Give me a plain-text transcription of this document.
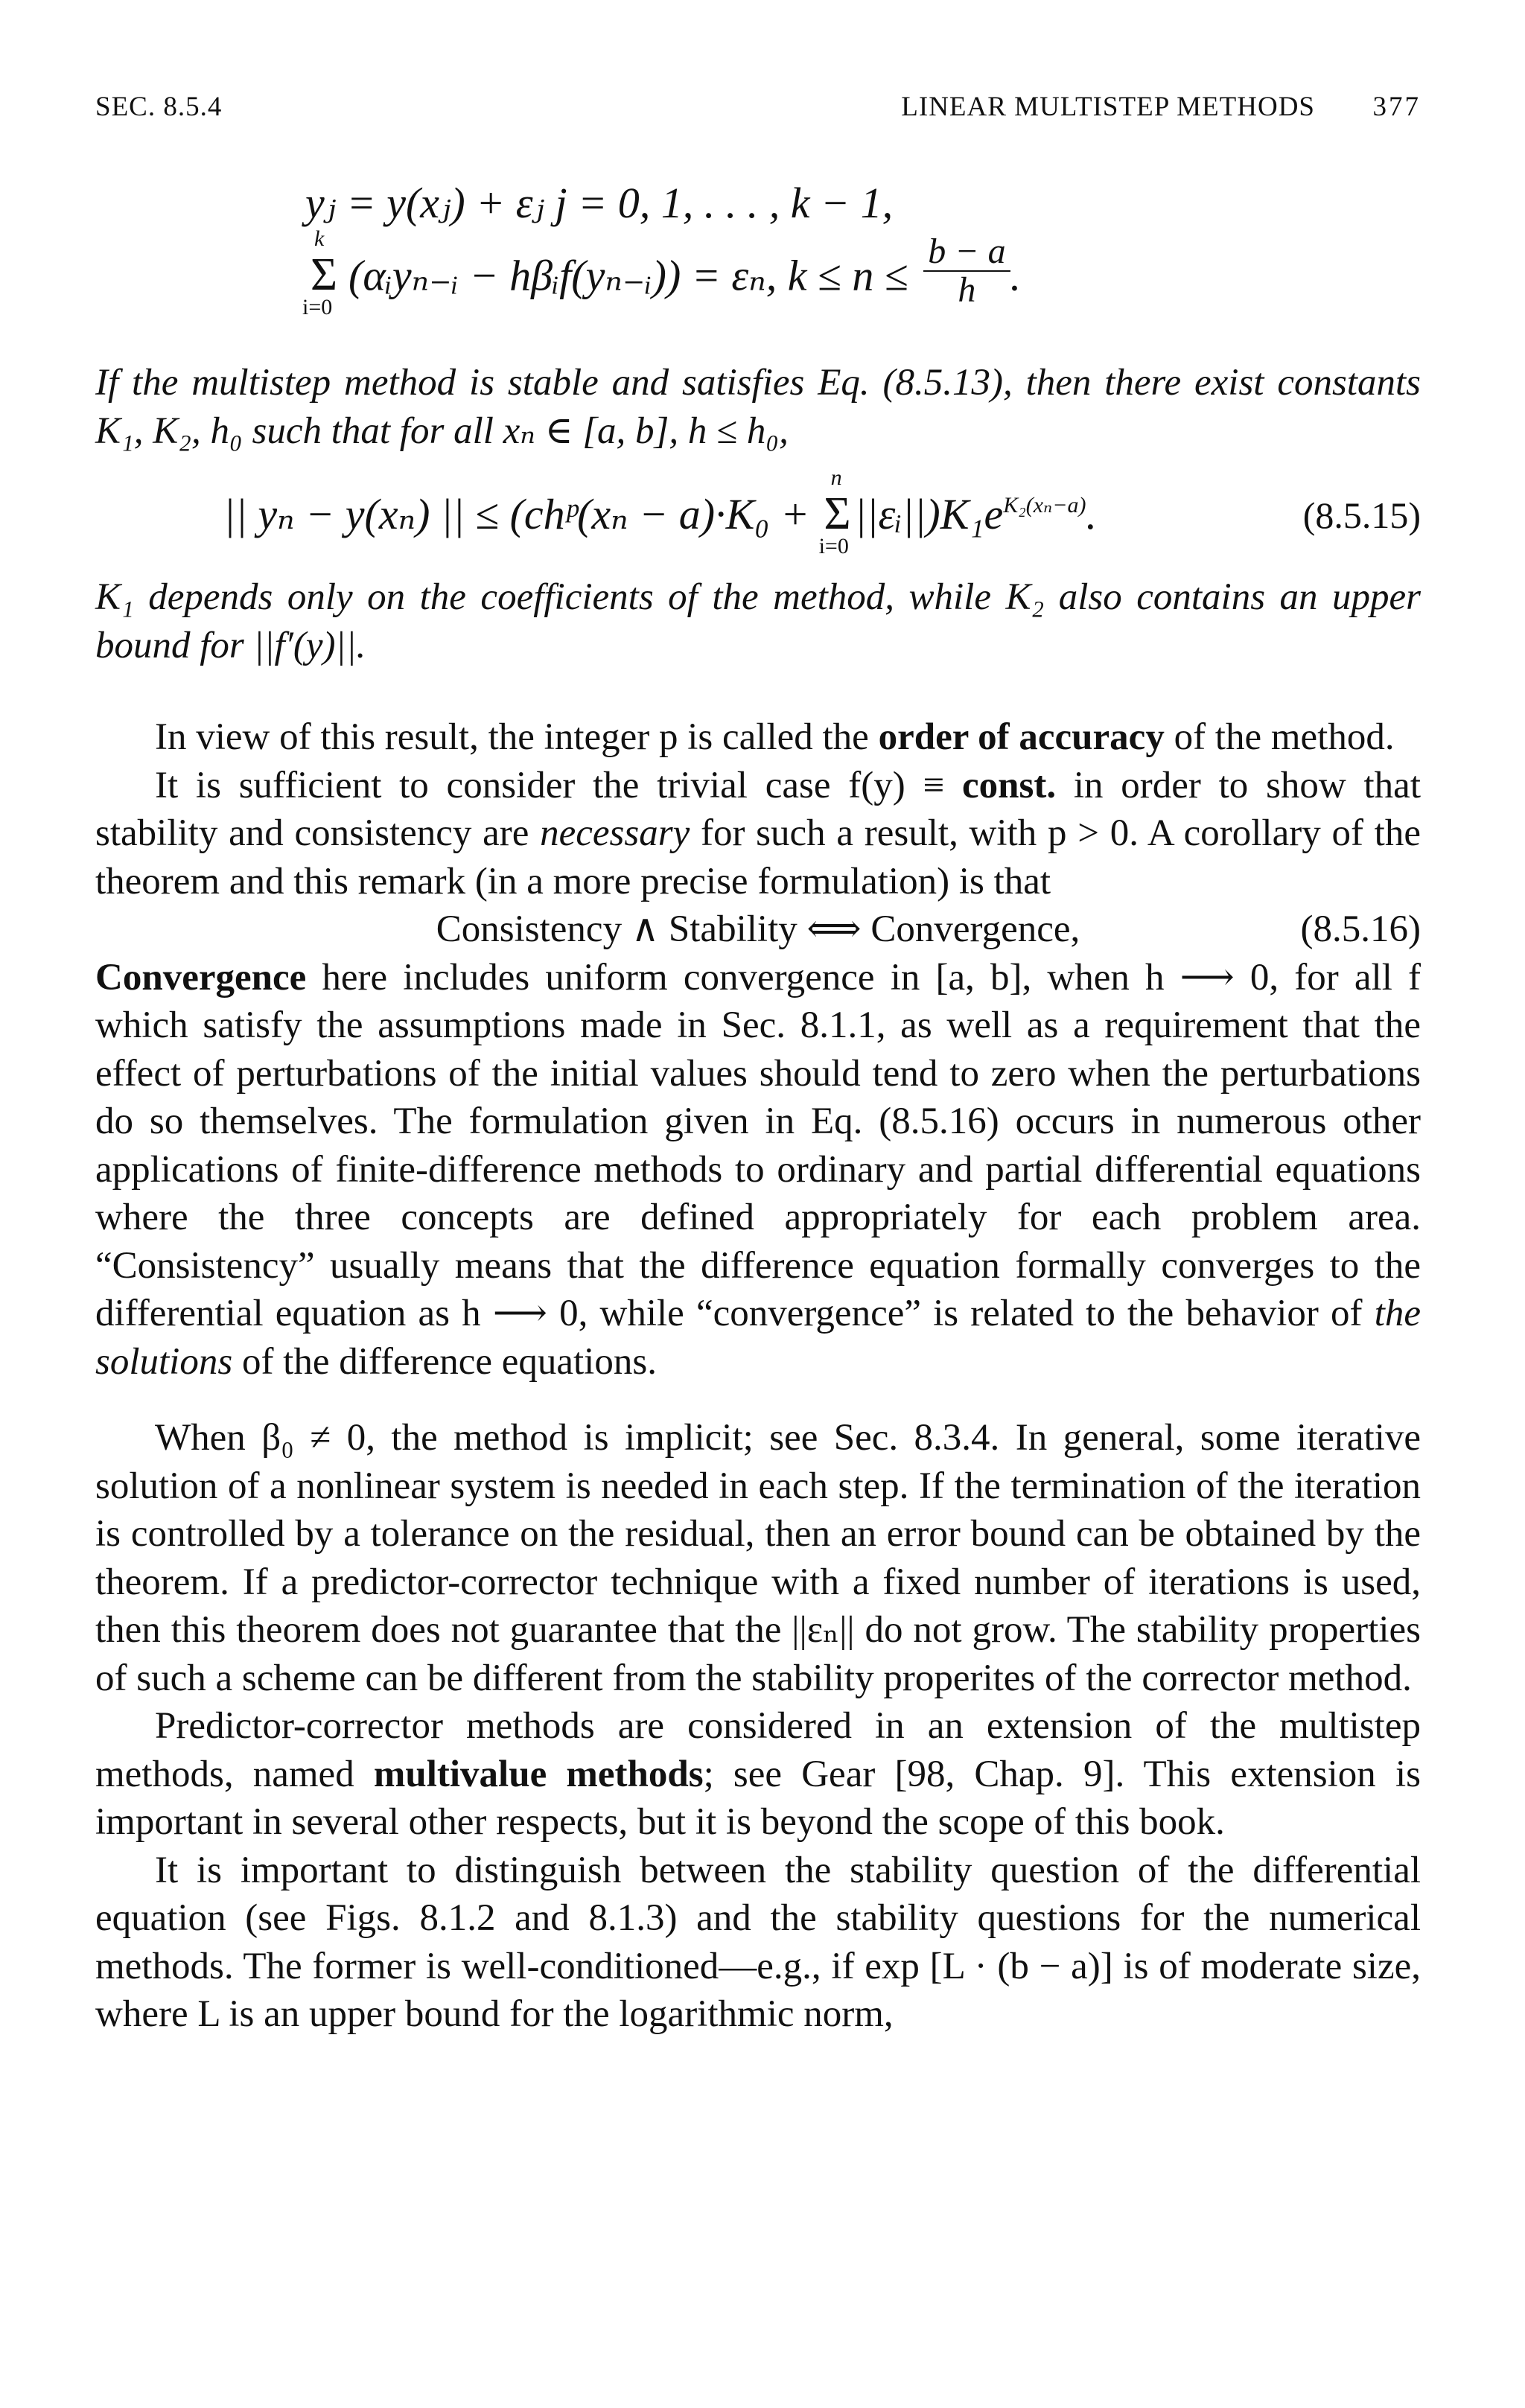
SEC. 8.5.4	LINEAR MULTISTEP METHODS 377
yⱼ = y(xⱼ) + εⱼ j = 0, 1, . . . , k − 1,
k
Σ
i=0
(αᵢyₙ₋ᵢ − hβᵢf(yₙ₋ᵢ)) = εₙ, $k \le n \le \frac{b - a}{h}$ .

If the multistep method is stable and satisfies Eq. (8.5.13), then there exist constants K₁, K₂, h₀ such that for all xₙ ∈ [a, b], h ≤ h₀,

|| yₙ − y(xₙ) || ≤ (chᵖ(xₙ − a)·K₀ +
n
Σ
i=0
$||\varepsilon ᵢ||)K_1e^{K_2(x_n-a)}$.	(8.5.15)

K₁ depends only on the coefficients of the method, while K₂ also contains an upper bound for ||f′(y)||.

In view of this result, the integer p is called the order of accuracy of the method.

It is sufficient to consider the trivial case f(y) ≡ const. in order to show that stability and consistency are necessary for such a result, with p > 0. A corollary of the theorem and this remark (in a more precise formulation) is that

Consistency ∧ Stability ⟺ Convergence,	(8.5.16)

Convergence here includes uniform convergence in [a, b], when h ⟶ 0, for all f which satisfy the assumptions made in Sec. 8.1.1, as well as a requirement that the effect of perturbations of the initial values should tend to zero when the perturbations do so themselves. The formulation given in Eq. (8.5.16) occurs in numerous other applications of finite-difference methods to ordinary and partial differential equations where the three concepts are defined appropriately for each problem area. “Consistency” usually means that the difference equation formally converges to the differential equation as h ⟶ 0, while “convergence” is related to the behavior of the solutions of the difference equations.

When β₀ ≠ 0, the method is implicit; see Sec. 8.3.4. In general, some iterative solution of a nonlinear system is needed in each step. If the termination of the iteration is controlled by a tolerance on the residual, then an error bound can be obtained by the theorem. If a predictor-corrector technique with a fixed number of iterations is used, then this theorem does not guarantee that the ||εₙ|| do not grow. The stability properties of such a scheme can be different from the stability properites of the corrector method.

Predictor-corrector methods are considered in an extension of the multistep methods, named multivalue methods; see Gear [98, Chap. 9]. This extension is important in several other respects, but it is beyond the scope of this book.

It is important to distinguish between the stability question of the differential equation (see Figs. 8.1.2 and 8.1.3) and the stability questions for the numerical methods. The former is well-conditioned—e.g., if exp [L · (b − a)] is of moderate size, where L is an upper bound for the logarithmic norm,
